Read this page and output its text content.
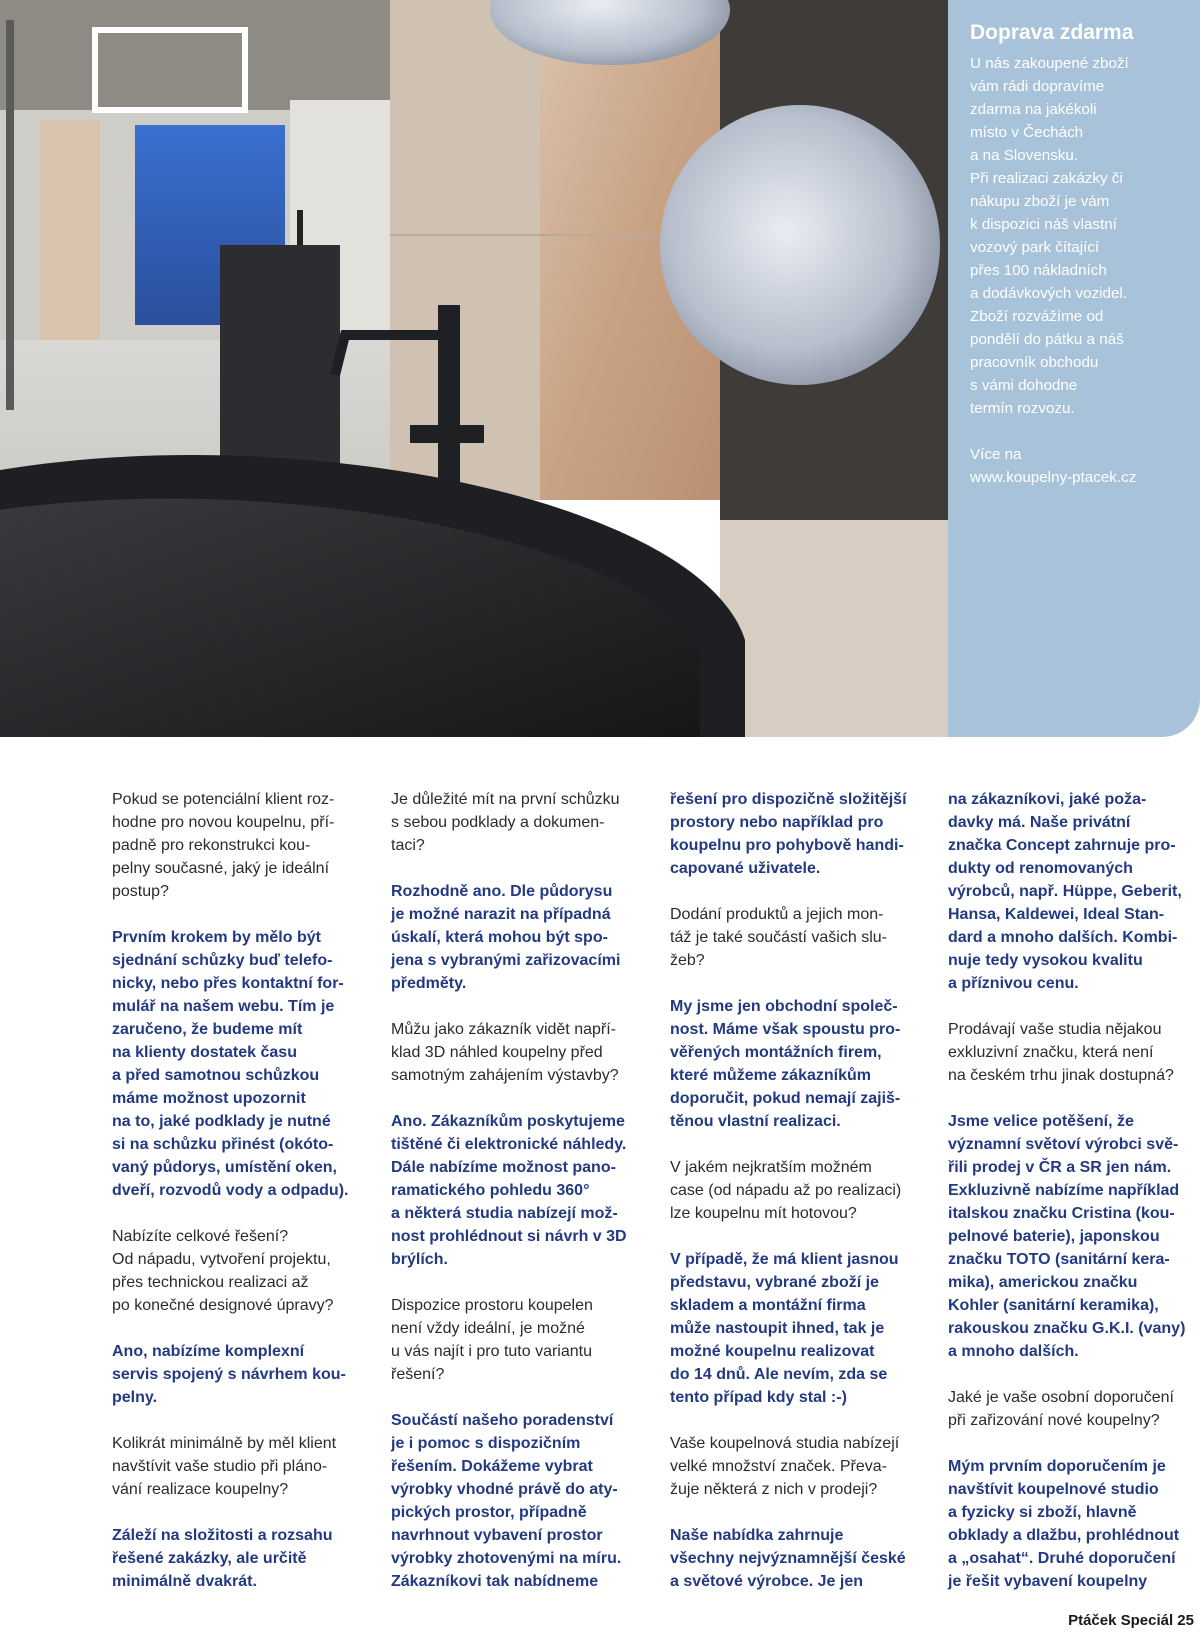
Doprava zdarma

U nás zakoupené zboží
vám rádi dopravíme
zdarma na jakékoli
místo v Čechách
a na Slovensku.
Při realizaci zakázky či
nákupu zboží je vám
k dispozici náš vlastní
vozový park čítající
přes 100 nákladních
a dodávkových vozidel.
Zboží rozvážíme od
pondělí do pátku a náš
pracovník obchodu
s vámi dohodne
termín rozvozu.

Více na
www.koupelny-ptacek.cz

Pokud se potenciální klient roz-
hodne pro novou koupelnu, pří-
padně pro rekonstrukci kou-
pelny současné, jaký je ideální
postup?

Prvním krokem by mělo být
sjednání schůzky buď telefo-
nicky, nebo přes kontaktní for-
mulář na našem webu. Tím je
zaručeno, že budeme mít
na klienty dostatek času
a před samotnou schůzkou
máme možnost upozornit
na to, jaké podklady je nutné
si na schůzku přinést (okóto-
vaný půdorys, umístění oken,
dveří, rozvodů vody a odpadu).

Nabízíte celkové řešení?
Od nápadu, vytvoření projektu,
přes technickou realizaci až
po konečné designové úpravy?

Ano, nabízíme komplexní
servis spojený s návrhem kou-
pelny.

Kolikrát minimálně by měl klient
navštívit vaše studio při pláno-
vání realizace koupelny?

Záleží na složitosti a rozsahu
řešené zakázky, ale určitě
minimálně dvakrát.

Je důležité mít na první schůzku
s sebou podklady a dokumen-
taci?

Rozhodně ano. Dle půdorysu
je možné narazit na případná
úskalí, která mohou být spo-
jena s vybranými zařizovacími
předměty.

Můžu jako zákazník vidět napří-
klad 3D náhled koupelny před
samotným zahájením výstavby?

Ano. Zákazníkům poskytujeme
tištěné či elektronické náhledy.
Dále nabízíme možnost pano-
ramatického pohledu 360°
a některá studia nabízejí mož-
nost prohlédnout si návrh v 3D
brýlích.

Dispozice prostoru koupelen
není vždy ideální, je možné
u vás najít i pro tuto variantu
řešení?

Součástí našeho poradenství
je i pomoc s dispozičním
řešením. Dokážeme vybrat
výrobky vhodné právě do aty-
pických prostor, případně
navrhnout vybavení prostor
výrobky zhotovenými na míru.
Zákazníkovi tak nabídneme

řešení pro dispozičně složitější
prostory nebo například pro
koupelnu pro pohybově handi-
capované uživatele.

Dodání produktů a jejich mon-
táž je také součástí vašich slu-
žeb?

My jsme jen obchodní společ-
nost. Máme však spoustu pro-
věřených montážních firem,
které můžeme zákazníkům
doporučit, pokud nemají zajiš-
těnou vlastní realizaci.

V jakém nejkratším možném
case (od nápadu až po realizaci)
lze koupelnu mít hotovou?

V případě, že má klient jasnou
představu, vybrané zboží je
skladem a montážní firma
může nastoupit ihned, tak je
možné koupelnu realizovat
do 14 dnů. Ale nevím, zda se
tento případ kdy stal :-)

Vaše koupelnová studia nabízejí
velké množství značek. Převa-
žuje některá z nich v prodeji?

Naše nabídka zahrnuje
všechny nejvýznamnější české
a světové výrobce. Je jen

na zákazníkovi, jaké poža-
davky má. Naše privátní
značka Concept zahrnuje pro-
dukty od renomovaných
výrobců, např. Hüppe, Geberit,
Hansa, Kaldewei, Ideal Stan-
dard a mnoho dalších. Kombi-
nuje tedy vysokou kvalitu
a příznivou cenu.

Prodávají vaše studia nějakou
exkluzivní značku, která není
na českém trhu jinak dostupná?

Jsme velice potěšení, že
významní světoví výrobci svě-
řili prodej v ČR a SR jen nám.
Exkluzivně nabízíme například
italskou značku Cristina (kou-
pelnové baterie), japonskou
značku TOTO (sanitární kera-
mika), americkou značku
Kohler (sanitární keramika),
rakouskou značku G.K.I. (vany)
a mnoho dalších.

Jaké je vaše osobní doporučení
při zařizování nové koupelny?

Mým prvním doporučením je
navštívit koupelnové studio
a fyzicky si zboží, hlavně
obklady a dlažbu, prohlédnout
a „osahat“. Druhé doporučení
je řešit vybavení koupelny

Ptáček Speciál 25
